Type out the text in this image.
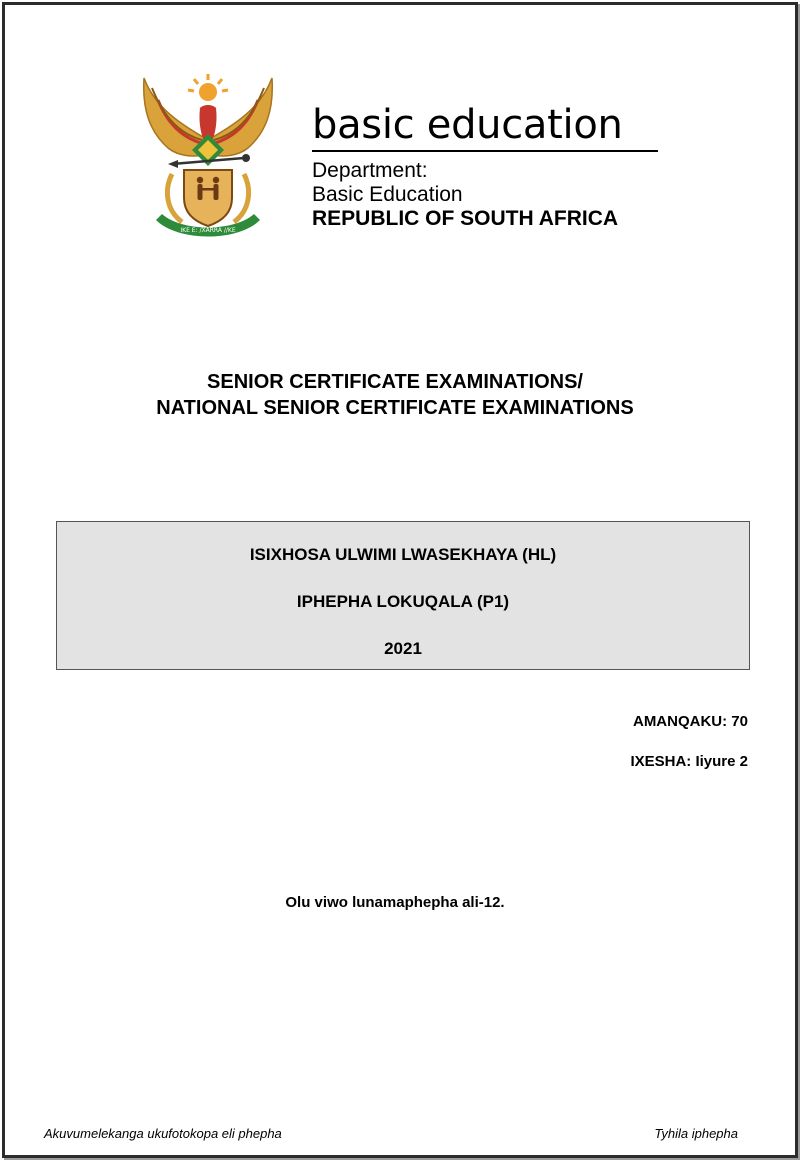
IKE E: /XARRA //KE
basic education
Department:
Basic Education
REPUBLIC OF SOUTH AFRICA
SENIOR CERTIFICATE EXAMINATIONS/
NATIONAL SENIOR CERTIFICATE EXAMINATIONS
ISIXHOSA ULWIMI LWASEKHAYA (HL)
IPHEPHA LOKUQALA (P1)
2021
AMANQAKU: 70
IXESHA: Iiyure 2
Olu viwo lunamaphepha ali-12.
Akuvumelekanga ukufotokopa eli phepha	Tyhila iphepha
